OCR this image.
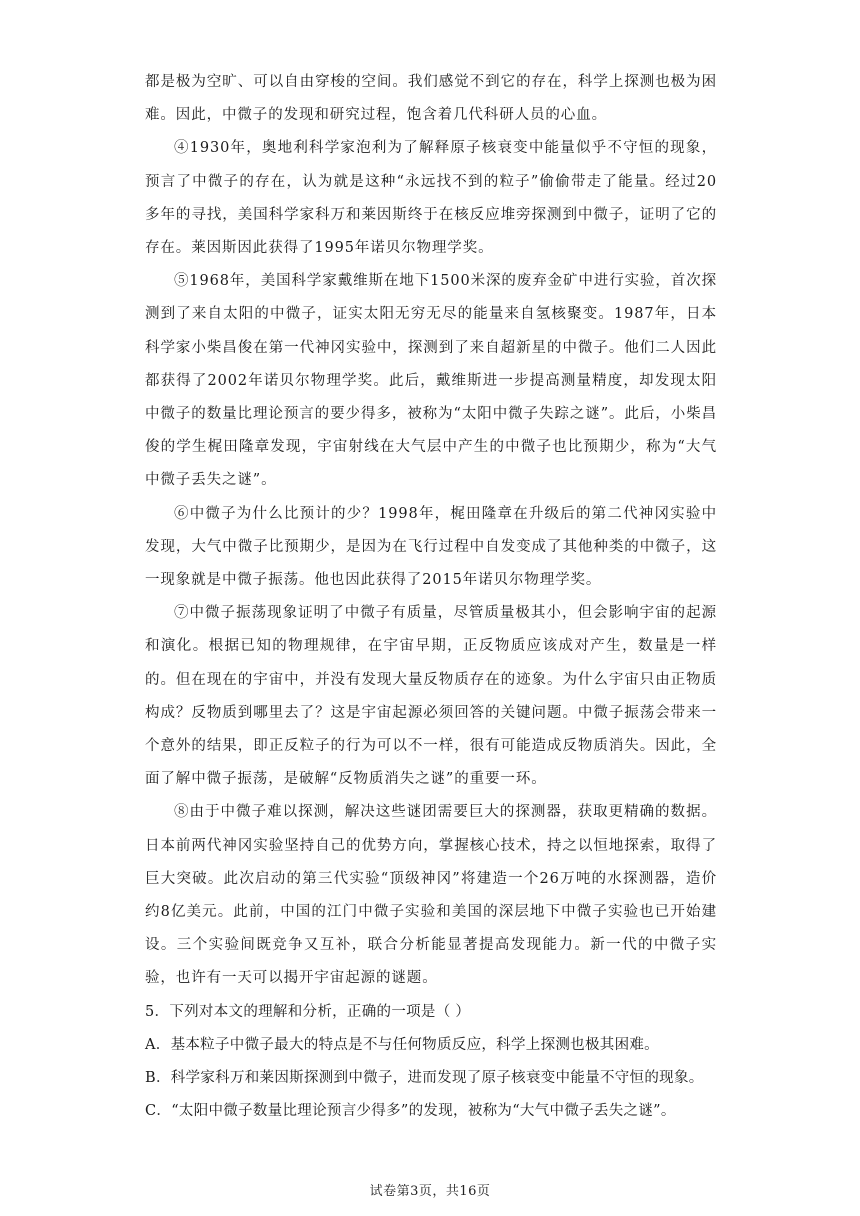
都是极为空旷、可以自由穿梭的空间。我们感觉不到它的存在，科学上探测也极为困难。因此，中微子的发现和研究过程，饱含着几代科研人员的心血。

④1930年，奥地利科学家泡利为了解释原子核衰变中能量似乎不守恒的现象，预言了中微子的存在，认为就是这种“永远找不到的粒子”偷偷带走了能量。经过20多年的寻找，美国科学家科万和莱因斯终于在核反应堆旁探测到中微子，证明了它的存在。莱因斯因此获得了1995年诺贝尔物理学奖。

⑤1968年，美国科学家戴维斯在地下1500米深的废弃金矿中进行实验，首次探测到了来自太阳的中微子，证实太阳无穷无尽的能量来自氢核聚变。1987年，日本科学家小柴昌俊在第一代神冈实验中，探测到了来自超新星的中微子。他们二人因此都获得了2002年诺贝尔物理学奖。此后，戴维斯进一步提高测量精度，却发现太阳中微子的数量比理论预言的要少得多，被称为“太阳中微子失踪之谜”。此后，小柴昌俊的学生梶田隆章发现，宇宙射线在大气层中产生的中微子也比预期少，称为“大气中微子丢失之谜”。

⑥中微子为什么比预计的少？1998年，梶田隆章在升级后的第二代神冈实验中发现，大气中微子比预期少，是因为在飞行过程中自发变成了其他种类的中微子，这一现象就是中微子振荡。他也因此获得了2015年诺贝尔物理学奖。

⑦中微子振荡现象证明了中微子有质量，尽管质量极其小，但会影响宇宙的起源和演化。根据已知的物理规律，在宇宙早期，正反物质应该成对产生，数量是一样的。但在现在的宇宙中，并没有发现大量反物质存在的迹象。为什么宇宙只由正物质构成？反物质到哪里去了？这是宇宙起源必须回答的关键问题。中微子振荡会带来一个意外的结果，即正反粒子的行为可以不一样，很有可能造成反物质消失。因此，全面了解中微子振荡，是破解“反物质消失之谜”的重要一环。

⑧由于中微子难以探测，解决这些谜团需要巨大的探测器，获取更精确的数据。日本前两代神冈实验坚持自己的优势方向，掌握核心技术，持之以恒地探索，取得了巨大突破。此次启动的第三代实验“顶级神冈”将建造一个26万吨的水探测器，造价约8亿美元。此前，中国的江门中微子实验和美国的深层地下中微子实验也已开始建设。三个实验间既竞争又互补，联合分析能显著提高发现能力。新一代的中微子实验，也许有一天可以揭开宇宙起源的谜题。

5．下列对本文的理解和分析，正确的一项是（ ）

A．基本粒子中微子最大的特点是不与任何物质反应，科学上探测也极其困难。

B．科学家科万和莱因斯探测到中微子，进而发现了原子核衰变中能量不守恒的现象。

C．“太阳中微子数量比理论预言少得多”的发现，被称为“大气中微子丢失之谜”。

试卷第3页，共16页
